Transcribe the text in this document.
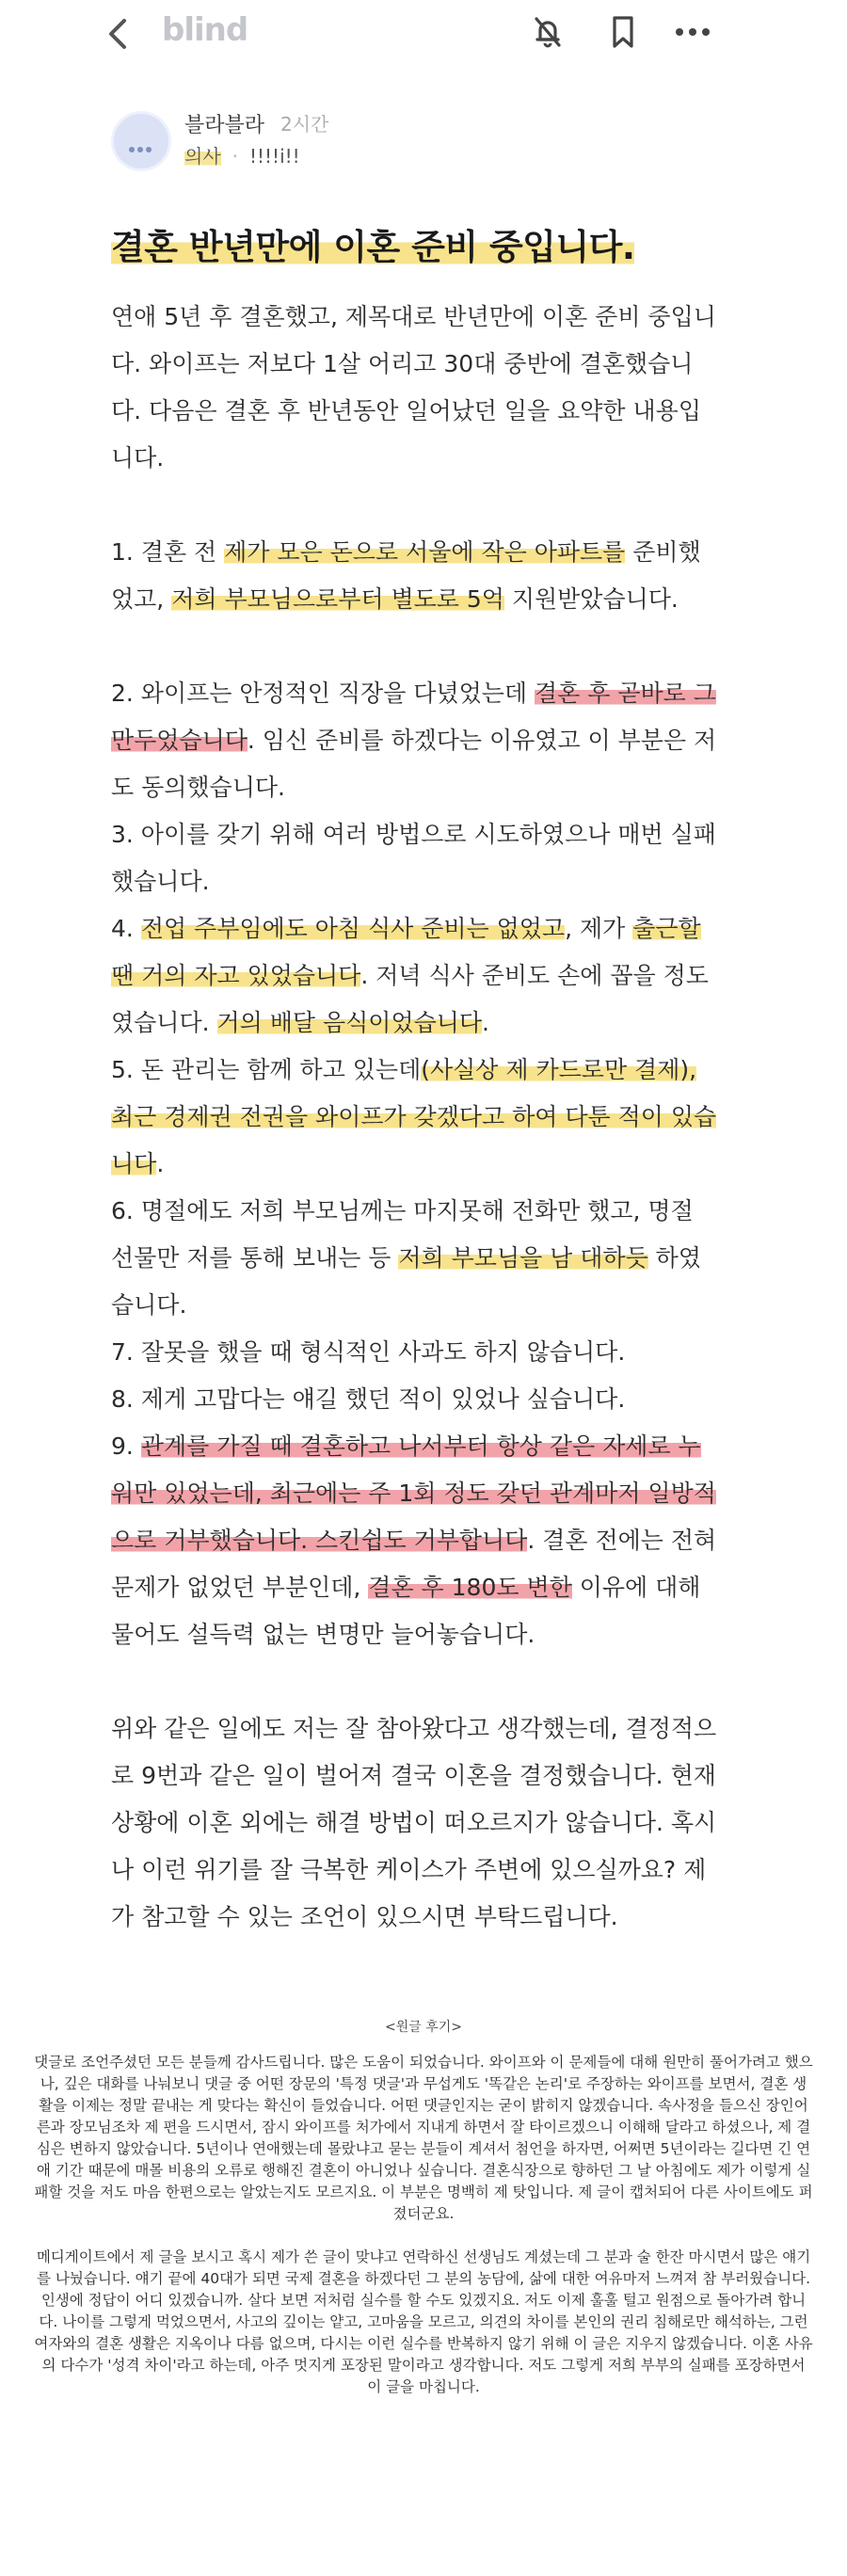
blind
블라블라 2시간
의사 · !!!!i!!
결혼 반년만에 이혼 준비 중입니다.

연애 5년 후 결혼했고, 제목대로 반년만에 이혼 준비 중입니다. 와이프는 저보다 1살 어리고 30대 중반에 결혼했습니다. 다음은 결혼 후 반년동안 일어났던 일을 요약한 내용입니다.

1. 결혼 전 제가 모은 돈으로 서울에 작은 아파트를 준비했었고, 저희 부모님으로부터 별도로 5억 지원받았습니다.

2. 와이프는 안정적인 직장을 다녔었는데 결혼 후 곧바로 그만두었습니다. 임신 준비를 하겠다는 이유였고 이 부분은 저도 동의했습니다.

3. 아이를 갖기 위해 여러 방법으로 시도하였으나 매번 실패했습니다.

4. 전업 주부임에도 아침 식사 준비는 없었고, 제가 출근할 땐 거의 자고 있었습니다. 저녁 식사 준비도 손에 꼽을 정도였습니다. 거의 배달 음식이었습니다.

5. 돈 관리는 함께 하고 있는데(사실상 제 카드로만 결제), 최근 경제권 전권을 와이프가 갖겠다고 하여 다툰 적이 있습니다.

6. 명절에도 저희 부모님께는 마지못해 전화만 했고, 명절 선물만 저를 통해 보내는 등 저희 부모님을 남 대하듯 하였습니다.

7. 잘못을 했을 때 형식적인 사과도 하지 않습니다.

8. 제게 고맙다는 얘길 했던 적이 있었나 싶습니다.

9. 관계를 가질 때 결혼하고 나서부터 항상 같은 자세로 누워만 있었는데, 최근에는 주 1회 정도 갖던 관계마저 일방적으로 거부했습니다. 스킨쉽도 거부합니다. 결혼 전에는 전혀 문제가 없었던 부분인데, 결혼 후 180도 변한 이유에 대해 물어도 설득력 없는 변명만 늘어놓습니다.

위와 같은 일에도 저는 잘 참아왔다고 생각했는데, 결정적으로 9번과 같은 일이 벌어져 결국 이혼을 결정했습니다. 현재 상황에 이혼 외에는 해결 방법이 떠오르지가 않습니다. 혹시나 이런 위기를 잘 극복한 케이스가 주변에 있으실까요? 제가 참고할 수 있는 조언이 있으시면 부탁드립니다.

<원글 후기>

댓글로 조언주셨던 모든 분들께 감사드립니다. 많은 도움이 되었습니다. 와이프와 이 문제들에 대해 원만히 풀어가려고 했으나, 깊은 대화를 나눠보니 댓글 중 어떤 장문의 '특정 댓글'과 무섭게도 '똑같은 논리'로 주장하는 와이프를 보면서, 결혼 생활을 이제는 정말 끝내는 게 맞다는 확신이 들었습니다. 어떤 댓글인지는 굳이 밝히지 않겠습니다. 속사정을 들으신 장인어른과 장모님조차 제 편을 드시면서, 잠시 와이프를 처가에서 지내게 하면서 잘 타이르겠으니 이해해 달라고 하셨으나, 제 결심은 변하지 않았습니다. 5년이나 연애했는데 몰랐냐고 묻는 분들이 계셔서 첨언을 하자면, 어쩌면 5년이라는 길다면 긴 연애 기간 때문에 매몰 비용의 오류로 행해진 결혼이 아니었나 싶습니다. 결혼식장으로 향하던 그 날 아침에도 제가 이렇게 실패할 것을 저도 마음 한편으로는 알았는지도 모르지요. 이 부분은 명백히 제 탓입니다. 제 글이 캡처되어 다른 사이트에도 퍼졌더군요.

메디게이트에서 제 글을 보시고 혹시 제가 쓴 글이 맞냐고 연락하신 선생님도 계셨는데 그 분과 술 한잔 마시면서 많은 얘기를 나눴습니다. 얘기 끝에 40대가 되면 국제 결혼을 하겠다던 그 분의 농담에, 삶에 대한 여유마저 느껴져 참 부러웠습니다. 인생에 정답이 어디 있겠습니까. 살다 보면 저처럼 실수를 할 수도 있겠지요. 저도 이제 훌훌 털고 원점으로 돌아가려 합니다. 나이를 그렇게 먹었으면서, 사고의 깊이는 얕고, 고마움을 모르고, 의견의 차이를 본인의 권리 침해로만 해석하는, 그런 여자와의 결혼 생활은 지옥이나 다름 없으며, 다시는 이런 실수를 반복하지 않기 위해 이 글은 지우지 않겠습니다. 이혼 사유의 다수가 '성격 차이'라고 하는데, 아주 멋지게 포장된 말이라고 생각합니다. 저도 그렇게 저희 부부의 실패를 포장하면서 이 글을 마칩니다.
